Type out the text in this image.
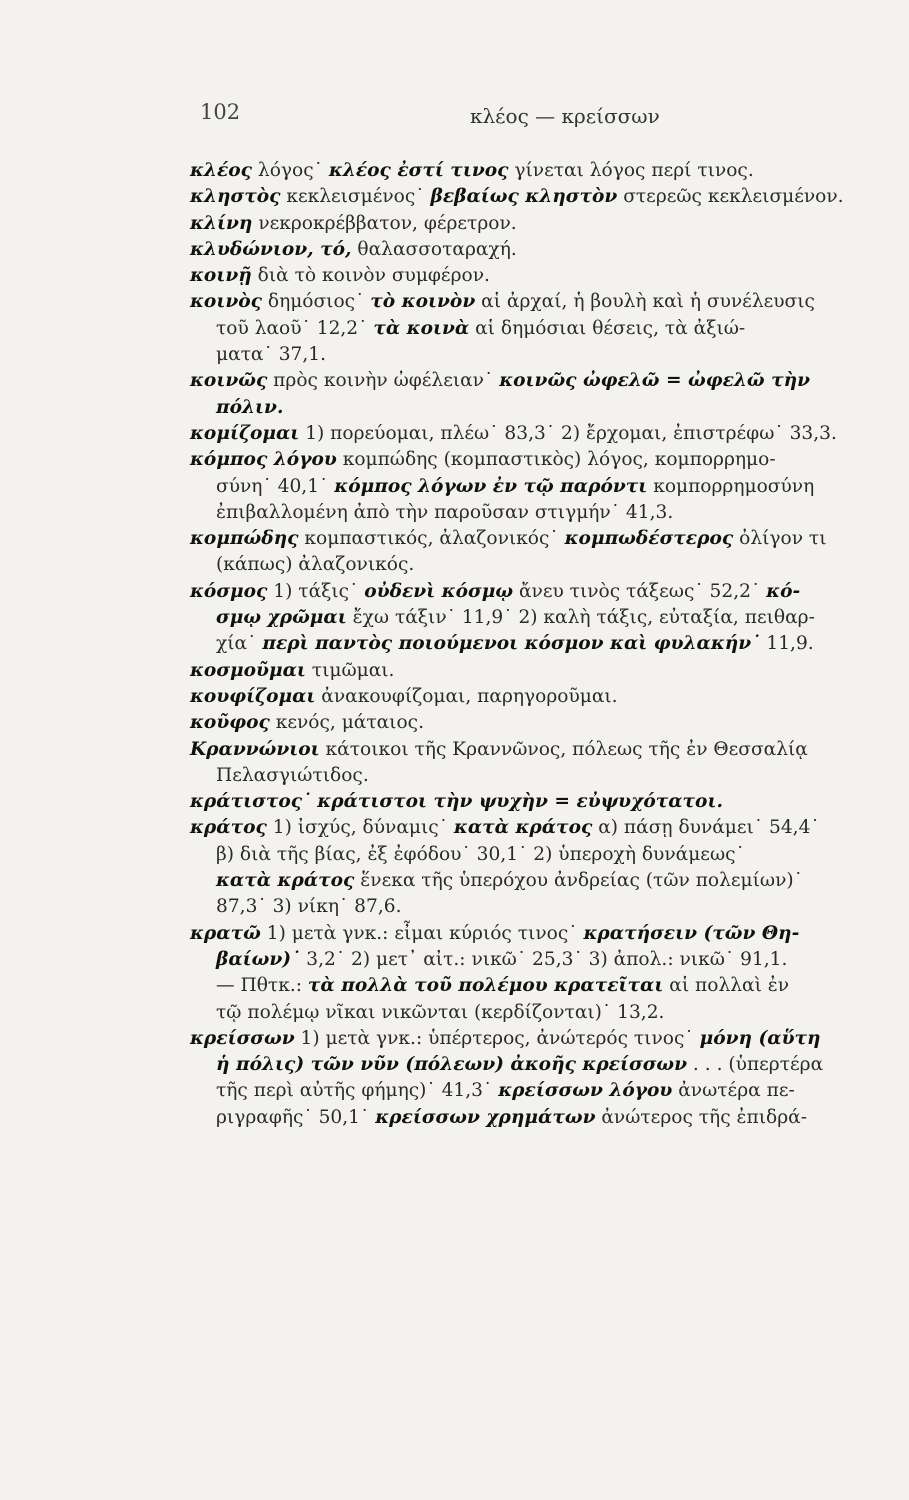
102	κλέος — κρείσσων
κλέος λόγος˙ κλέος ἐστί τινος γίνεται λόγος περί τινος.
κληστὸς κεκλεισμένος˙ βεβαίως κληστὸν στερεῶς κεκλεισμένον.
κλίνη νεκροκρέββατον, φέρετρον.
κλυδώνιον, τό, θαλασσοταραχή.
κοινῇ διὰ τὸ κοινὸν συμφέρον.
κοινὸς δημόσιος˙ τὸ κοινὸν αἱ ἀρχαί, ἡ βουλὴ καὶ ἡ συνέλευσις
τοῦ λαοῦ˙ 12,2˙ τὰ κοινὰ αἱ δημόσιαι θέσεις, τὰ ἀξιώ-
ματα˙ 37,1.
κοινῶς πρὸς κοινὴν ὠφέλειαν˙ κοινῶς ὠφελῶ = ὠφελῶ τὴν
πόλιν.
κομίζομαι 1) πορεύομαι, πλέω˙ 83,3˙ 2) ἔρχομαι, ἐπιστρέφω˙ 33,3.
κόμπος λόγου κομπώδης (κομπαστικὸς) λόγος, κομπορρημο-
σύνη˙ 40,1˙ κόμπος λόγων ἐν τῷ παρόντι κομπορρημοσύνη
ἐπιβαλλομένη ἀπὸ τὴν παροῦσαν στιγμήν˙ 41,3.
κομπώδης κομπαστικός, ἀλαζονικός˙ κομπωδέστερος ὀλίγον τι
(κάπως) ἀλαζονικός.
κόσμος 1) τάξις˙ οὐδενὶ κόσμῳ ἄνευ τινὸς τάξεως˙ 52,2˙ κό-
σμῳ χρῶμαι ἔχω τάξιν˙ 11,9˙ 2) καλὴ τάξις, εὐταξία, πειθαρ-
χία˙ περὶ παντὸς ποιούμενοι κόσμον καὶ φυλακήν˙ 11,9.
κοσμοῦμαι τιμῶμαι.
κουφίζομαι ἀνακουφίζομαι, παρηγοροῦμαι.
κοῦφος κενός, μάταιος.
Κραννώνιοι κάτοικοι τῆς Κραννῶνος, πόλεως τῆς ἐν Θεσσαλίᾳ
Πελασγιώτιδος.
κράτιστος˙ κράτιστοι τὴν ψυχὴν = εὐψυχότατοι.
κράτος 1) ἰσχύς, δύναμις˙ κατὰ κράτος α) πάσῃ δυνάμει˙ 54,4˙
β) διὰ τῆς βίας, ἐξ ἐφόδου˙ 30,1˙ 2) ὑπεροχὴ δυνάμεως˙
κατὰ κράτος ἕνεκα τῆς ὑπερόχου ἀνδρείας (τῶν πολεμίων)˙
87,3˙ 3) νίκη˙ 87,6.
κρατῶ 1) μετὰ γνκ.: εἶμαι κύριός τινος˙ κρατήσειν (τῶν Θη-
βαίων)˙ 3,2˙ 2) μετ᾽ αἰτ.: νικῶ˙ 25,3˙ 3) ἀπολ.: νικῶ˙ 91,1.
— Πθτκ.: τὰ πολλὰ τοῦ πολέμου κρατεῖται αἱ πολλαὶ ἐν
τῷ πολέμῳ νῖκαι νικῶνται (κερδίζονται)˙ 13,2.
κρείσσων 1) μετὰ γνκ.: ὑπέρτερος, ἀνώτερός τινος˙ μόνη (αὕτη
ἡ πόλις) τῶν νῦν (πόλεων) ἀκοῆς κρείσσων . . . (ὑπερτέρα
τῆς περὶ αὐτῆς φήμης)˙ 41,3˙ κρείσσων λόγου ἀνωτέρα πε-
ριγραφῆς˙ 50,1˙ κρείσσων χρημάτων ἀνώτερος τῆς ἐπιδρά-
